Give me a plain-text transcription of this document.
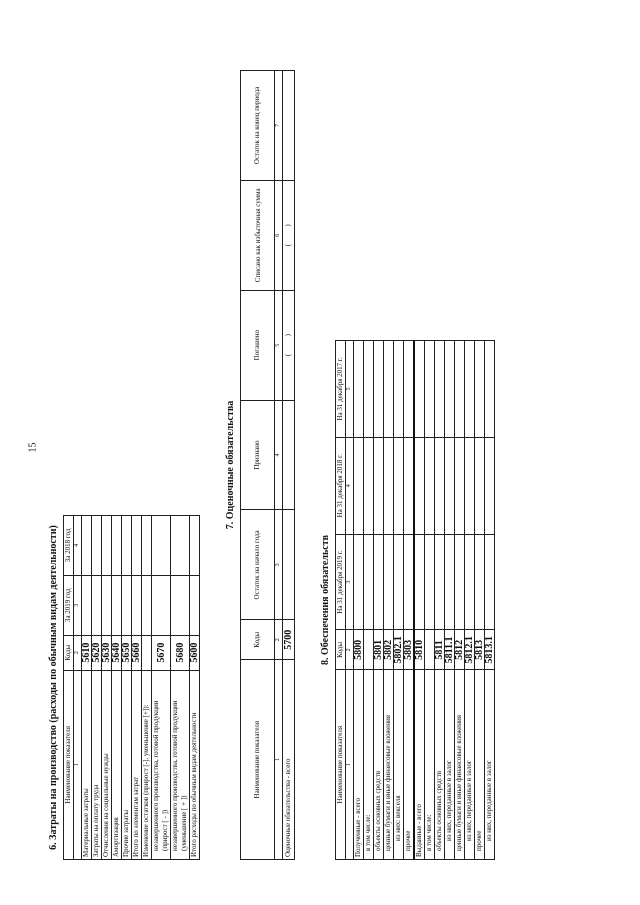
15
6. Затраты на производство (расходы по обычным видам деятельности) Наименование показателя	Коды	За 2019 год	За 2018 год
1	2	3	4
Материальные затраты	5610		
Затраты на оплату труда	5620		
Отчисления на социальные нужды	5630		
Амортизация	5640		
Прочие затраты	5650		
Итого по элементам затрат	5660		
Изменение остатков (прирост [-], уменьшение [+]):			
незавершенного производства, готовой продукции (прирост [ - ])	5670		
незавершенного производства, готовой продукции (уменьшение [ + ])	5680		
Итого расходы по обычным видам деятельности	5600		
7. Оценочные обязательства
Наименование показателя	Коды	Остаток на начало года	Признано	Погашено	Списано как избыточная сумма	Остаток на конец периода
1	2	3	4	5	6	7
Оценочные обязательства - всего	5700			(          )	(          )	
8. Обеспечения обязательств
Наименование показателя	Коды	На 31 декабря 2019 г.	На 31 декабря 2018 г.	На 31 декабря 2017 г.
1	2	3	4	5
Полученные - всего	5800			
в том числе:				
объекты основных средств	5801			
ценные бумаги и иные финансовые вложения	5802			
из них: векселя	5802.1			
прочее	5803			
Выданные - всего	5810			
в том числе:				
объекты основных средств	5811			
из них, переданные в залог	5811.1			
ценные бумаги и иные финансовые вложения	5812			
из них, переданные в залог	5812.1			
прочее	5813			
из них, переданные в залог	5813.1			
